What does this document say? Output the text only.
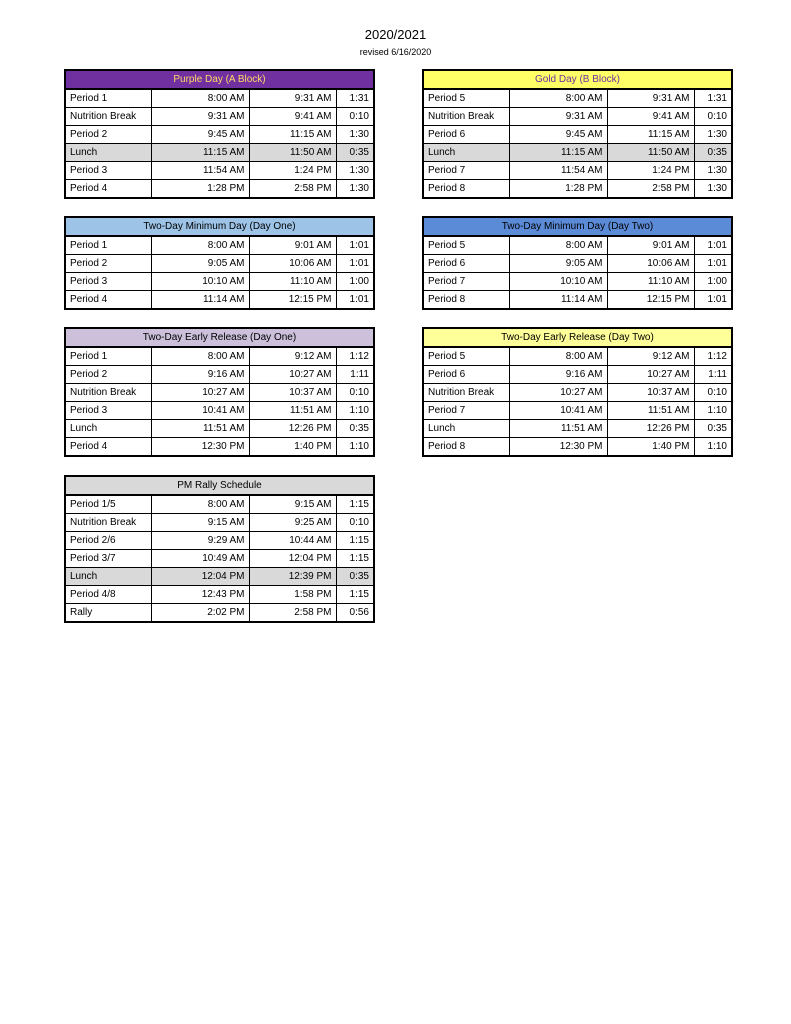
2020/2021
revised 6/16/2020
Purple Day (A Block)			
Period 1	8:00 AM	9:31 AM	1:31
Nutrition Break	9:31 AM	9:41 AM	0:10
Period 2	9:45 AM	11:15 AM	1:30
Lunch	11:15 AM	11:50 AM	0:35
Period 3	11:54 AM	1:24 PM	1:30
Period 4	1:28 PM	2:58 PM	1:30
Gold Day (B Block)			
Period 5	8:00 AM	9:31 AM	1:31
Nutrition Break	9:31 AM	9:41 AM	0:10
Period 6	9:45 AM	11:15 AM	1:30
Lunch	11:15 AM	11:50 AM	0:35
Period 7	11:54 AM	1:24 PM	1:30
Period 8	1:28 PM	2:58 PM	1:30
Two-Day Minimum Day (Day One)			
Period 1	8:00 AM	9:01 AM	1:01
Period 2	9:05 AM	10:06 AM	1:01
Period 3	10:10 AM	11:10 AM	1:00
Period 4	11:14 AM	12:15 PM	1:01
Two-Day Minimum Day (Day Two)			
Period 5	8:00 AM	9:01 AM	1:01
Period 6	9:05 AM	10:06 AM	1:01
Period 7	10:10 AM	11:10 AM	1:00
Period 8	11:14 AM	12:15 PM	1:01
Two-Day Early Release (Day One)			
Period 1	8:00 AM	9:12 AM	1:12
Period 2	9:16 AM	10:27 AM	1:11
Nutrition Break	10:27 AM	10:37 AM	0:10
Period 3	10:41 AM	11:51 AM	1:10
Lunch	11:51 AM	12:26 PM	0:35
Period 4	12:30 PM	1:40 PM	1:10
Two-Day Early Release (Day Two)			
Period 5	8:00 AM	9:12 AM	1:12
Period 6	9:16 AM	10:27 AM	1:11
Nutrition Break	10:27 AM	10:37 AM	0:10
Period 7	10:41 AM	11:51 AM	1:10
Lunch	11:51 AM	12:26 PM	0:35
Period 8	12:30 PM	1:40 PM	1:10
PM Rally Schedule			
Period 1/5	8:00 AM	9:15 AM	1:15
Nutrition Break	9:15 AM	9:25 AM	0:10
Period 2/6	9:29 AM	10:44 AM	1:15
Period 3/7	10:49 AM	12:04 PM	1:15
Lunch	12:04 PM	12:39 PM	0:35
Period 4/8	12:43 PM	1:58 PM	1:15
Rally	2:02 PM	2:58 PM	0:56
